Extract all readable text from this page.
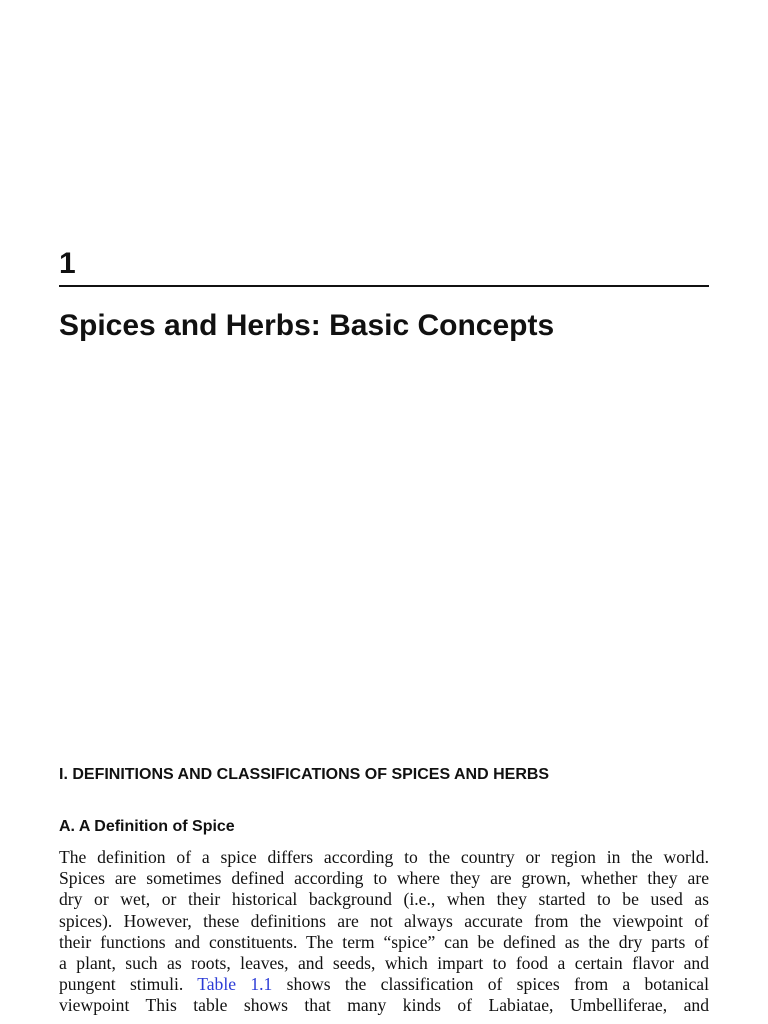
1
Spices and Herbs: Basic Concepts
I. DEFINITIONS AND CLASSIFICATIONS OF SPICES AND HERBS
A. A Definition of Spice
The definition of a spice differs according to the country or region in the world.
Spices are sometimes defined according to where they are grown, whether they are
dry or wet, or their historical background (i.e., when they started to be used as
spices). However, these definitions are not always accurate from the viewpoint of
their functions and constituents. The term “spice” can be defined as the dry parts of
a plant, such as roots, leaves, and seeds, which impart to food a certain flavor and
pungent stimuli. Table 1.1 shows the classification of spices from a botanical
viewpoint This table shows that many kinds of Labiatae, Umbelliferae, and
